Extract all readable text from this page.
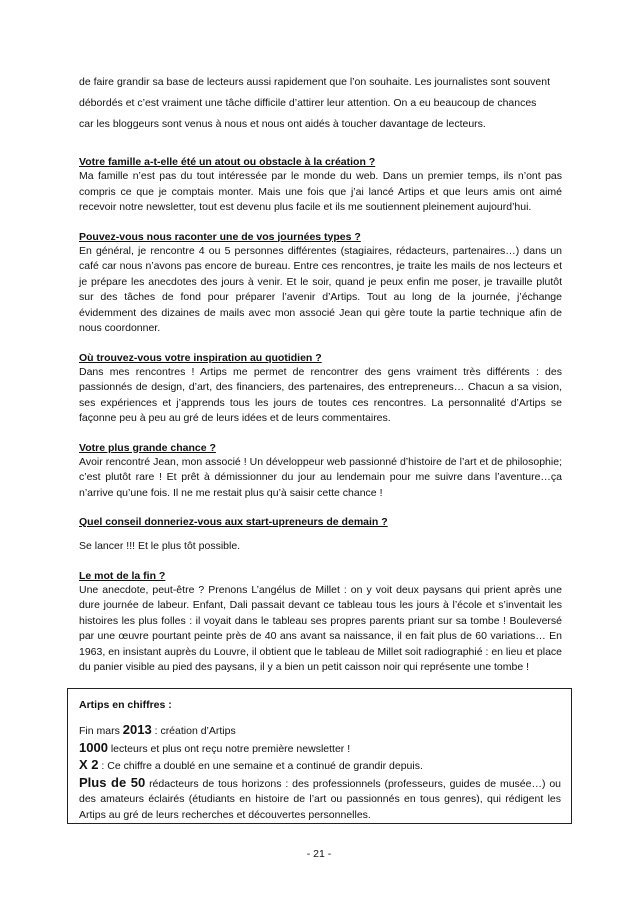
de faire grandir sa base de lecteurs aussi rapidement que l’on souhaite. Les journalistes sont souvent

débordés et c’est vraiment une tâche difficile d’attirer leur attention. On a eu beaucoup de chances

car les bloggeurs sont venus à nous et nous ont aidés à toucher davantage de lecteurs.

Votre famille a-t-elle été un atout ou obstacle à la création ?

Ma famille n’est pas du tout intéressée par le monde du web. Dans un premier temps, ils n’ont pas compris ce que je comptais monter. Mais une fois que j’ai lancé Artips et que leurs amis ont aimé recevoir notre newsletter, tout est devenu plus facile et ils me soutiennent pleinement aujourd’hui.

Pouvez-vous nous raconter une de vos journées types ?

En général, je rencontre 4 ou 5 personnes différentes (stagiaires, rédacteurs, partenaires…) dans un café car nous n’avons pas encore de bureau. Entre ces rencontres, je traite les mails de nos lecteurs et je prépare les anecdotes des jours à venir. Et le soir, quand je peux enfin me poser, je travaille plutôt sur des tâches de fond pour préparer l’avenir d’Artips. Tout au long de la journée, j’échange évidemment des dizaines de mails avec mon associé Jean qui gère toute la partie technique afin de nous coordonner.

Où trouvez-vous votre inspiration au quotidien ?

Dans mes rencontres ! Artips me permet de rencontrer des gens vraiment très différents : des passionnés de design, d’art, des financiers, des partenaires, des entrepreneurs… Chacun a sa vision, ses expériences et j’apprends tous les jours de toutes ces rencontres. La personnalité d’Artips se façonne peu à peu au gré de leurs idées et de leurs commentaires.

Votre plus grande chance ?

Avoir rencontré Jean, mon associé ! Un développeur web passionné d’histoire de l’art et de philosophie; c’est plutôt rare ! Et prêt à démissionner du jour au lendemain pour me suivre dans l’aventure…ça n’arrive qu’une fois. Il ne me restait plus qu’à saisir cette chance !

Quel conseil donneriez-vous aux start-upreneurs de demain ?

Se lancer !!! Et le plus tôt possible.

Le mot de la fin ?

Une anecdote, peut-être ? Prenons L’angélus de Millet : on y voit deux paysans qui prient après une dure journée de labeur. Enfant, Dali passait devant ce tableau tous les jours à l’école et s’inventait les histoires les plus folles : il voyait dans le tableau ses propres parents priant sur sa tombe ! Bouleversé par une œuvre pourtant peinte près de 40 ans avant sa naissance, il en fait plus de 60 variations… En 1963, en insistant auprès du Louvre, il obtient que le tableau de Millet soit radiographié : en lieu et place du panier visible au pied des paysans, il y a bien un petit caisson noir qui représente une tombe !

Artips en chiffres :

Fin mars 2013 : création d’Artips

1000 lecteurs et plus ont reçu notre première newsletter !

X 2 : Ce chiffre a doublé en une semaine et a continué de grandir depuis.

Plus de 50 rédacteurs de tous horizons : des professionnels (professeurs, guides de musée…) ou des amateurs éclairés (étudiants en histoire de l’art ou passionnés en tous genres), qui rédigent les Artips au gré de leurs recherches et découvertes personnelles.

- 21 -
